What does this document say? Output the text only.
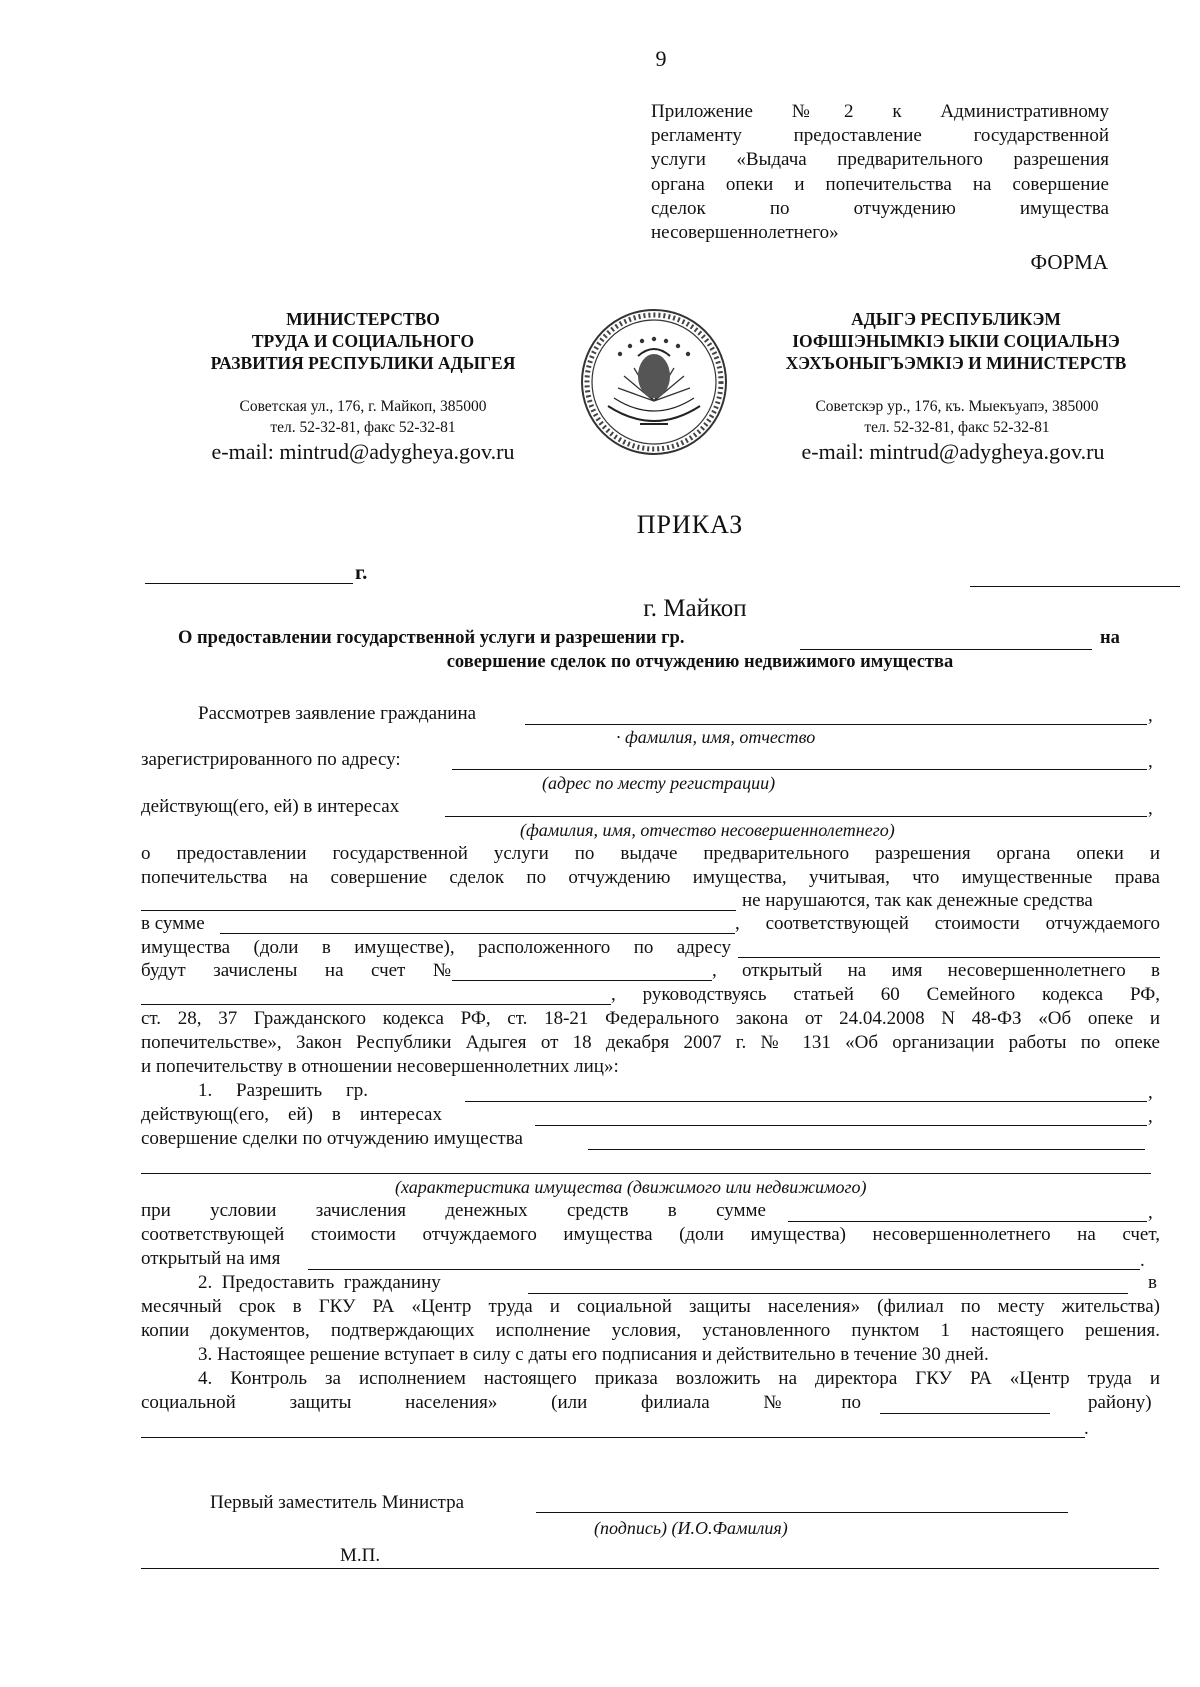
9
Приложение №2 к Административному
регламенту предоставление государственной
услуги «Выдача предварительного разрешения
органа опеки и попечительства на совершение
сделок по отчуждению имущества
несовершеннолетнего»
ФОРМА
МИНИСТЕРСТВО
ТРУДА И СОЦИАЛЬНОГО
РАЗВИТИЯ РЕСПУБЛИКИ АДЫГЕЯ
Советская ул., 176, г. Майкоп, 385000
тел. 52-32-81, факс 52-32-81
e-mail: mintrud@adygheya.gov.ru
АДЫГЭ РЕСПУБЛИКЭМ
IОФШIЭНЫМКIЭ ЫКIИ СОЦИАЛЬНЭ
ХЭХЪОНЫГЪЭМКIЭ И МИНИСТЕРСТВ
Советскэр ур., 176, къ. Мыекъуапэ, 385000
тел. 52-32-81, факс 52-32-81
e-mail: mintrud@adygheya.gov.ru
ПРИКАЗ
г.
г. Майкоп
О предоставлении государственной услуги и разрешении гр.	на
совершение сделок по отчуждению недвижимого имущества
Рассмотрев заявление гражданина	,
· фамилия, имя, отчество
зарегистрированного по адресу:	,
(адрес по месту регистрации)
действующ(его, ей) в интересах	,
(фамилия, имя, отчество несовершеннолетнего)
о предоставлении государственной услуги по выдаче предварительного разрешения органа опеки и
попечительства на совершение сделок по отчуждению имущества, учитывая, что имущественные права
не нарушаются, так как денежные средства
в сумме	, соответствующей стоимости отчуждаемого
имущества (доли в имуществе), расположенного по адресу
будут зачислены на счет №	, открытый на имя несовершеннолетнего в
, руководствуясь статьей 60 Семейного кодекса РФ,
ст. 28, 37 Гражданского кодекса РФ, ст. 18-21 Федерального закона от 24.04.2008 N 48-ФЗ «Об опеке и
попечительстве», Закон Республики Адыгея от 18 декабря 2007 г. № 131 «Об организации работы по опеке
и попечительству в отношении несовершеннолетних лиц»:
1.     Разрешить     гр.	,
действующ(его,    ей)    в    интересах	,
совершение сделки по отчуждению имущества
(характеристика имущества (движимого или недвижимого)
при   условии   зачисления   денежных   средств   в   сумме	,
соответствующей стоимости отчуждаемого имущества (доли имущества) несовершеннолетнего на счет,
открытый на имя	.
2.  Предоставить  гражданину	в
месячный срок в ГКУ РА «Центр труда и социальной защиты населения» (филиал по месту жительства)
копии документов, подтверждающих исполнение условия, установленного пунктом 1 настоящего решения.
3. Настоящее решение вступает в силу с даты его подписания и действительно в течение 30 дней.
4. Контроль за исполнением настоящего приказа возложить на директора ГКУ РА «Центр труда и
социальной     защиты     населения»     (или     филиала     №     по	району)
.
Первый заместитель Министра
(подпись) (И.О.Фамилия)
М.П.
